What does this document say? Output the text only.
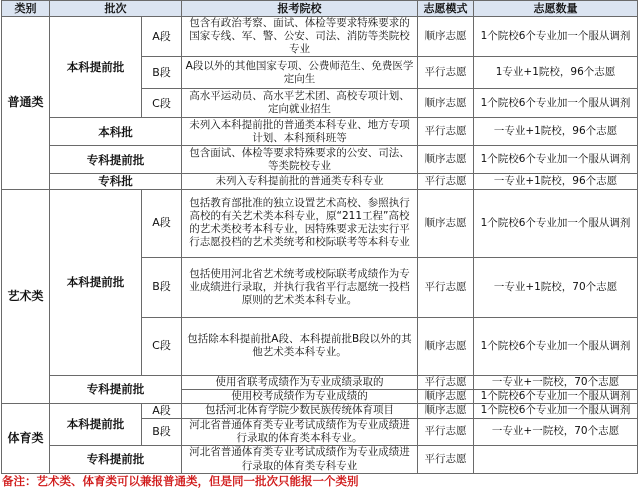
类别	批次		报考院校	志愿模式	志愿数量
普通类	本科提前批	A段	包含有政治考察、面试、体检等要求特殊要求的国家专线、军、警、公安、司法、消防等类院校专业	顺序志愿	1个院校6个专业加一个服从调剂
		B段	A段以外的其他国家专项、公费师范生、免费医学定向生	平行志愿	1专业+1院校，96个志愿
		C段	高水平运动员、高水平艺术团、高校专项计划、定向就业招生	顺序志愿	1个院校6个专业加一个服从调剂
	本科批		未列入本科提前批的普通类本科专业、地方专项计划、本科预科班等	平行志愿	一专业+1院校，96个志愿
	专科提前批		包含面试、体检等要求特殊要求的公安、司法、等类院校专业	顺序志愿	1个院校6个专业加一个服从调剂
	专科批		未列入专科提前批的普通类专科专业	平行志愿	一专业+1院校，96个志愿
艺术类	本科提前批	A段	包括教育部批准的独立设置艺术高校、参照执行高校的有关艺术类本科专业，原“211工程”高校的艺术类校考本科专业，因特殊要求无法实行平行志愿投档的艺术类统考和校际联考等本科专业	顺序志愿	1个院校6个专业加一个服从调剂
		B段	包括使用河北省艺术统考或校际联考成绩作为专业成绩进行录取，并执行我省平行志愿统一投档原则的艺术类本科专业。	平行志愿	一专业+1院校，70个志愿
		C段	包括除本科提前批A段、本科提前批B段以外的其他艺术类本科专业。	顺序志愿	1个院校6个专业加一个服从调剂
	专科提前批		使用省联考成绩作为专业成绩录取的	平行志愿	一专业+一院校，70个志愿
			使用校考成绩作为专业成绩的	顺序志愿	1个院校6个专业加一个服从调剂
体育类	本科提前批	A段	包括河北体育学院少数民族传统体育项目	顺序志愿	1个院校6个专业加一个服从调剂
		B段	河北省普通体育类专业考试成绩作为专业成绩进行录取的体育类本科专业。	平行志愿	一专业+一院校，70个志愿
	专科提前批		河北省普通体育类专业考试成绩作为专业成绩进行录取的体育类专科专业	平行志愿	
备注：艺术类、体育类可以兼报普通类，但是同一批次只能报一个类别
